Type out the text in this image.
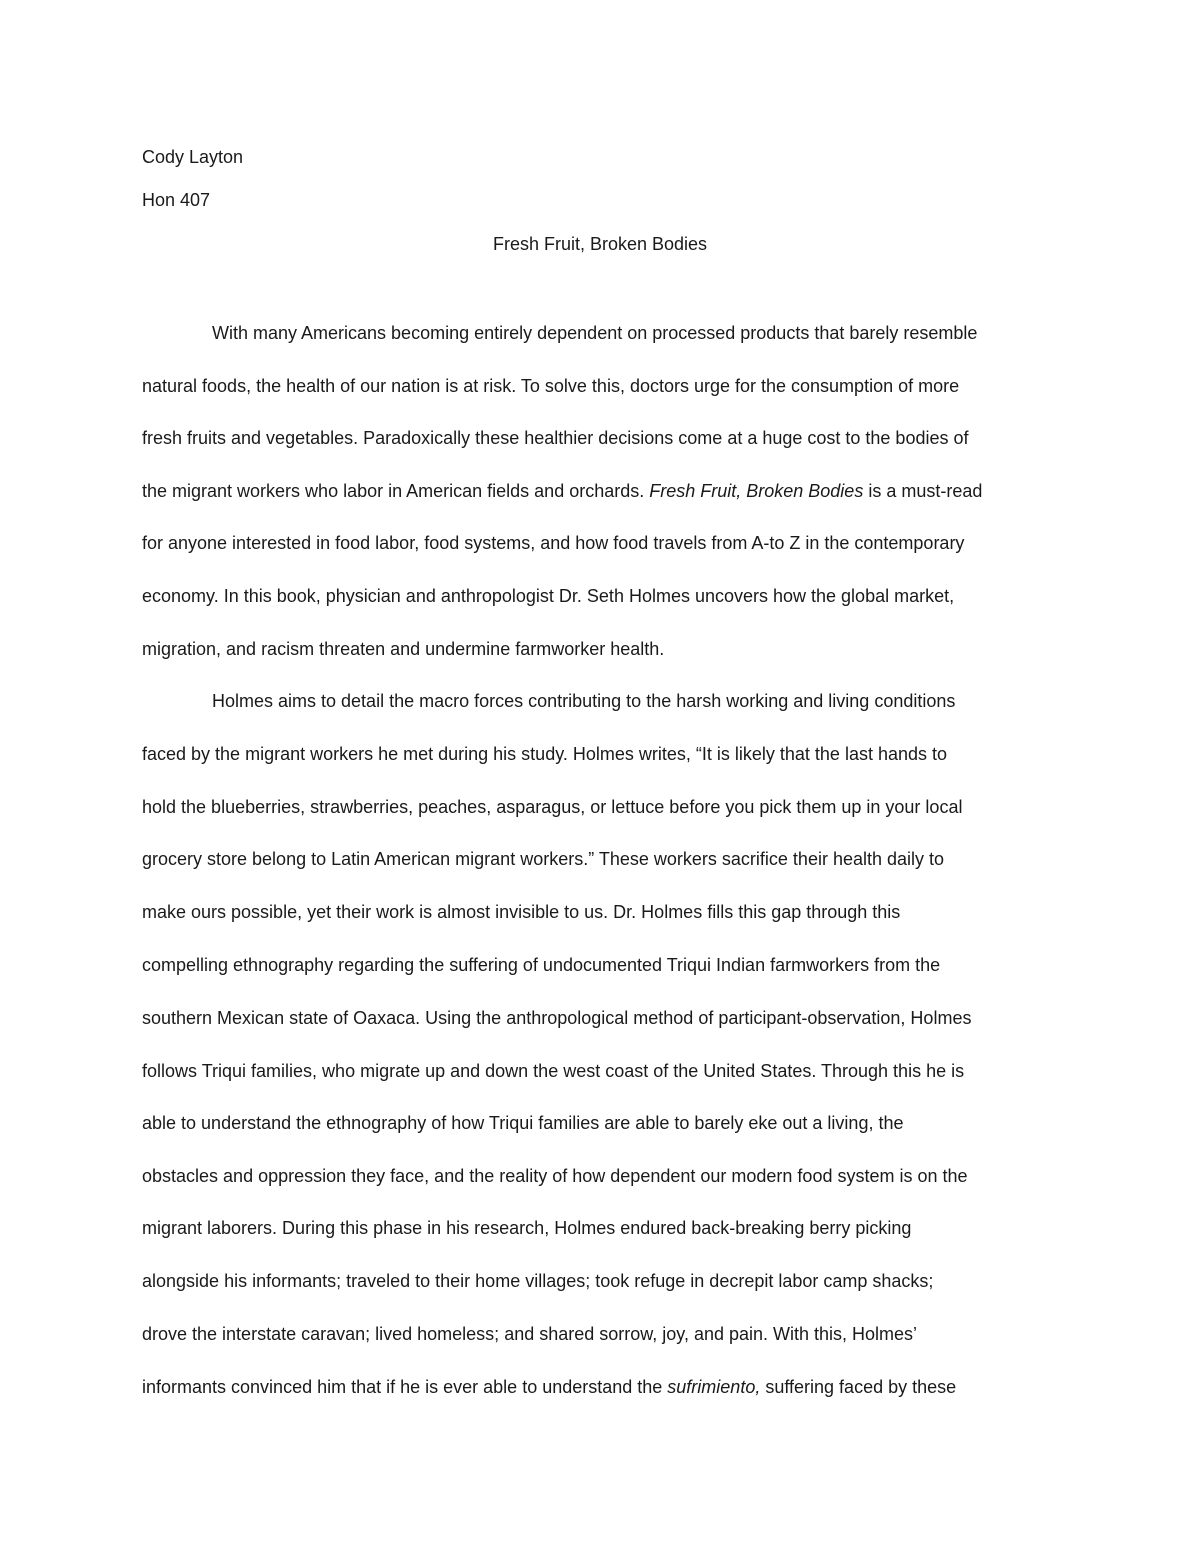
Cody Layton
Hon 407
Fresh Fruit, Broken Bodies
With many Americans becoming entirely dependent on processed products that barely resemble
natural foods, the health of our nation is at risk. To solve this, doctors urge for the consumption of more
fresh fruits and vegetables. Paradoxically these healthier decisions come at a huge cost to the bodies of
the migrant workers who labor in American fields and orchards. Fresh Fruit, Broken Bodies is a must-read
for anyone interested in food labor, food systems, and how food travels from A-to Z in the contemporary
economy. In this book, physician and anthropologist Dr. Seth Holmes uncovers how the global market,
migration, and racism threaten and undermine farmworker health.
Holmes aims to detail the macro forces contributing to the harsh working and living conditions
faced by the migrant workers he met during his study. Holmes writes, “It is likely that the last hands to
hold the blueberries, strawberries, peaches, asparagus, or lettuce before you pick them up in your local
grocery store belong to Latin American migrant workers.” These workers sacrifice their health daily to
make ours possible, yet their work is almost invisible to us. Dr. Holmes fills this gap through this
compelling ethnography regarding the suffering of undocumented Triqui Indian farmworkers from the
southern Mexican state of Oaxaca. Using the anthropological method of participant-observation, Holmes
follows Triqui families, who migrate up and down the west coast of the United States. Through this he is
able to understand the ethnography of how Triqui families are able to barely eke out a living, the
obstacles and oppression they face, and the reality of how dependent our modern food system is on the
migrant laborers. During this phase in his research, Holmes endured back-breaking berry picking
alongside his informants; traveled to their home villages; took refuge in decrepit labor camp shacks;
drove the interstate caravan; lived homeless; and shared sorrow, joy, and pain. With this, Holmes’
informants convinced him that if he is ever able to understand the sufrimiento, suffering faced by these
